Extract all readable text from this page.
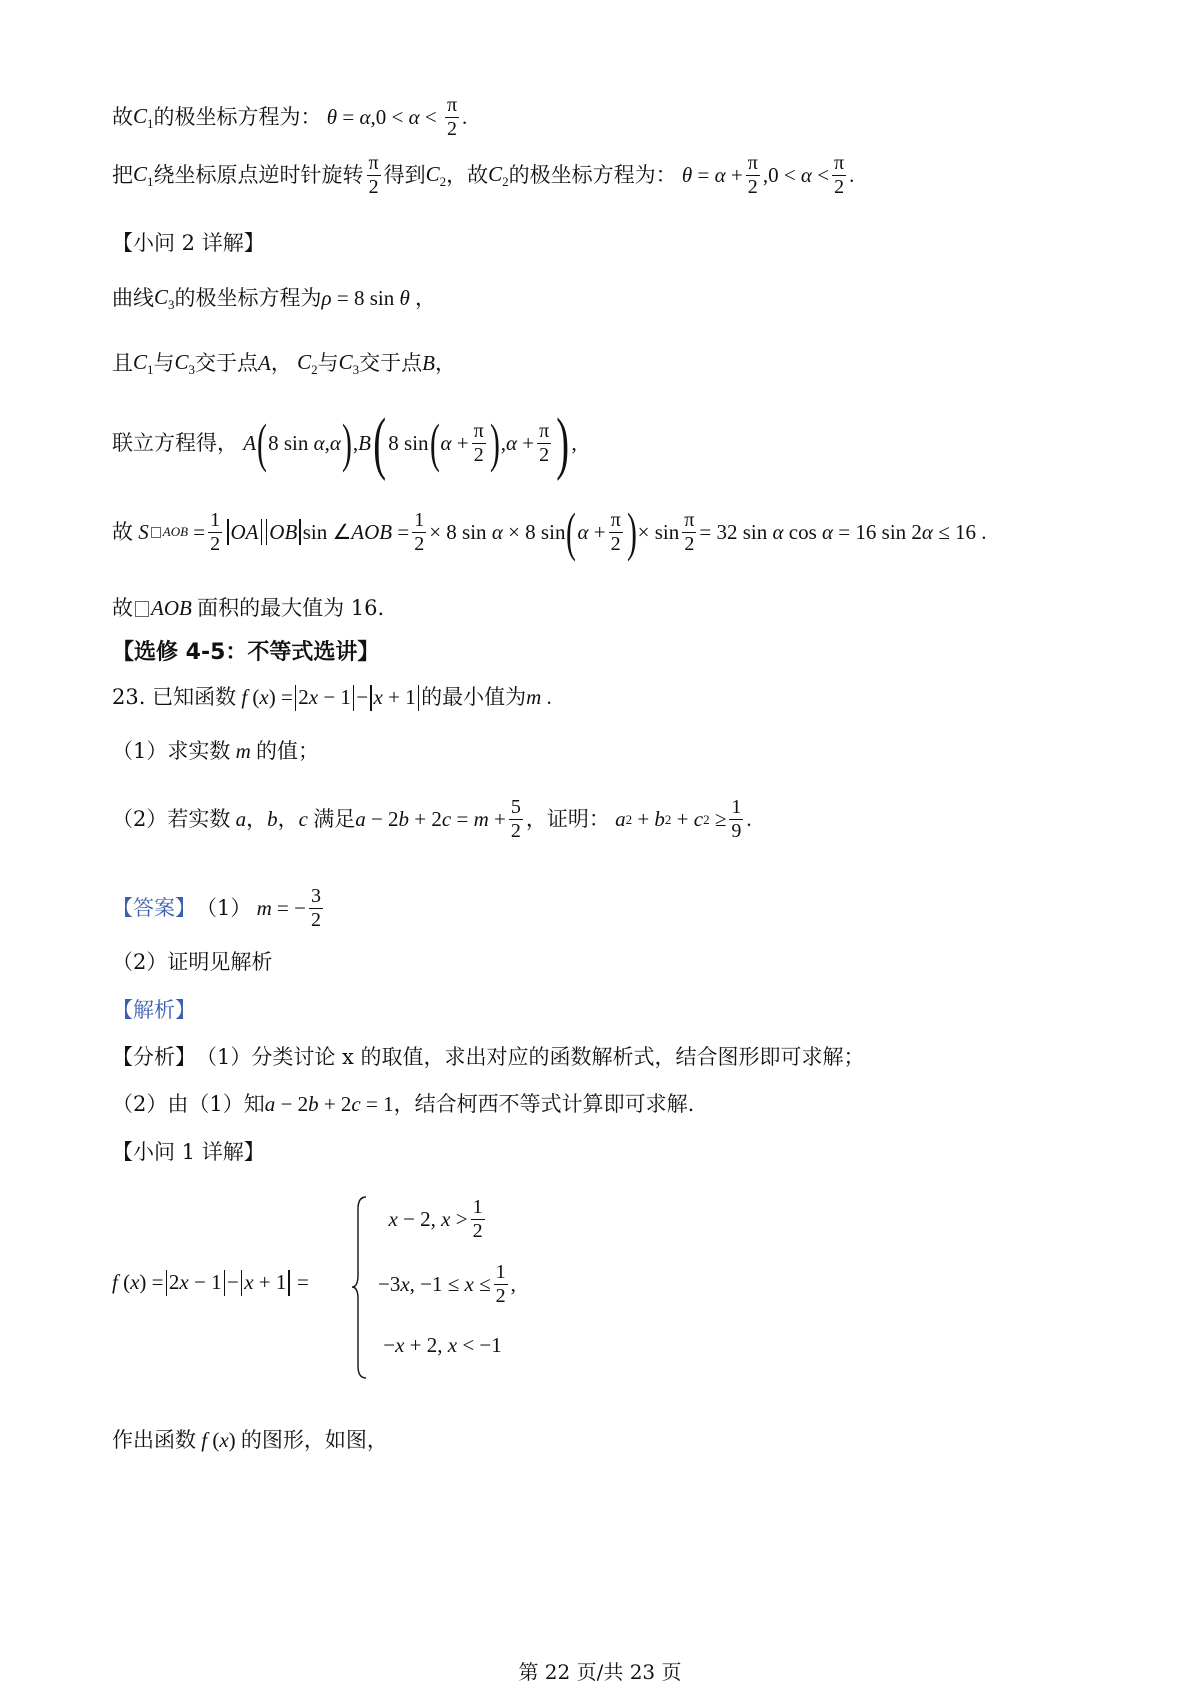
故 $C_1$ 的极坐标方程为： θ = α $,0 < \alpha < \frac{\pi}{2}$ .
把 $C_1$ 绕坐标原点逆时针旋转 $\frac{\pi}{2}$ 得到 $C_2$ ，故 $C_2$ 的极坐标方程为： $\theta = \alpha + \frac{\pi}{2} ,0 < \alpha < \frac{\pi}{2}$ .
【小问 2 详解】
曲线 $C_3$ 的极坐标方程为 ρ = 8 sin θ ，
且 $C_1$ 与 $C_3$ 交于点 A ， $C_2$ 与 $C_3$ 交于点 B ，
联立方程得， A ( 8 sin α , α ) , B ( 8 sin ( $\alpha + \frac{\pi}{2}$ ) , $\alpha + \frac{\pi}{2}$ ) ,
故 S	AOB = $\frac{1}{2}$ OA OB sin ∠ AOB = $\frac{1}{2} \times 8$ sin α × 8 sin ( $\alpha + \frac{\pi}{2}$ ) × $\sin \frac{\pi}{2} = 32$ sin α cos α = 16 sin 2 α ≤ 16 .
故 AOB 面积的最大值为 16.
【选修 4-5：不等式选讲】
23. 已知函数 f ( x ) = 2 x − 1 − x + 1 的最小值为 m .
（1）求实数 m 的值；
（2）若实数 a ， b ， c 满足 a − 2 b + 2 $c = m + \frac{5}{2}$ ，证明： a 2 + b 2 + c $2 \ge \frac{1}{9}$ .
【答案】 （1） m = − $\frac{3}{2}$
（2）证明见解析
【解析】
【分析】 （1）分类讨论 x 的取值，求出对应的函数解析式，结合图形即可求解；
（2）由（1）知 a − 2 b + 2 c = 1 ，结合柯西不等式计算即可求解.
【小问 1 详解】
f ( x ) = 2 x − 1 − x + 1 =
x − 2, $x > \frac{1}{2}$
−3 x , $-1 \le x \le \frac{1}{2}$ ,
− x + 2, x < −1
作出函数 f ( x ) 的图形，如图，
第 22 页/共 23 页
